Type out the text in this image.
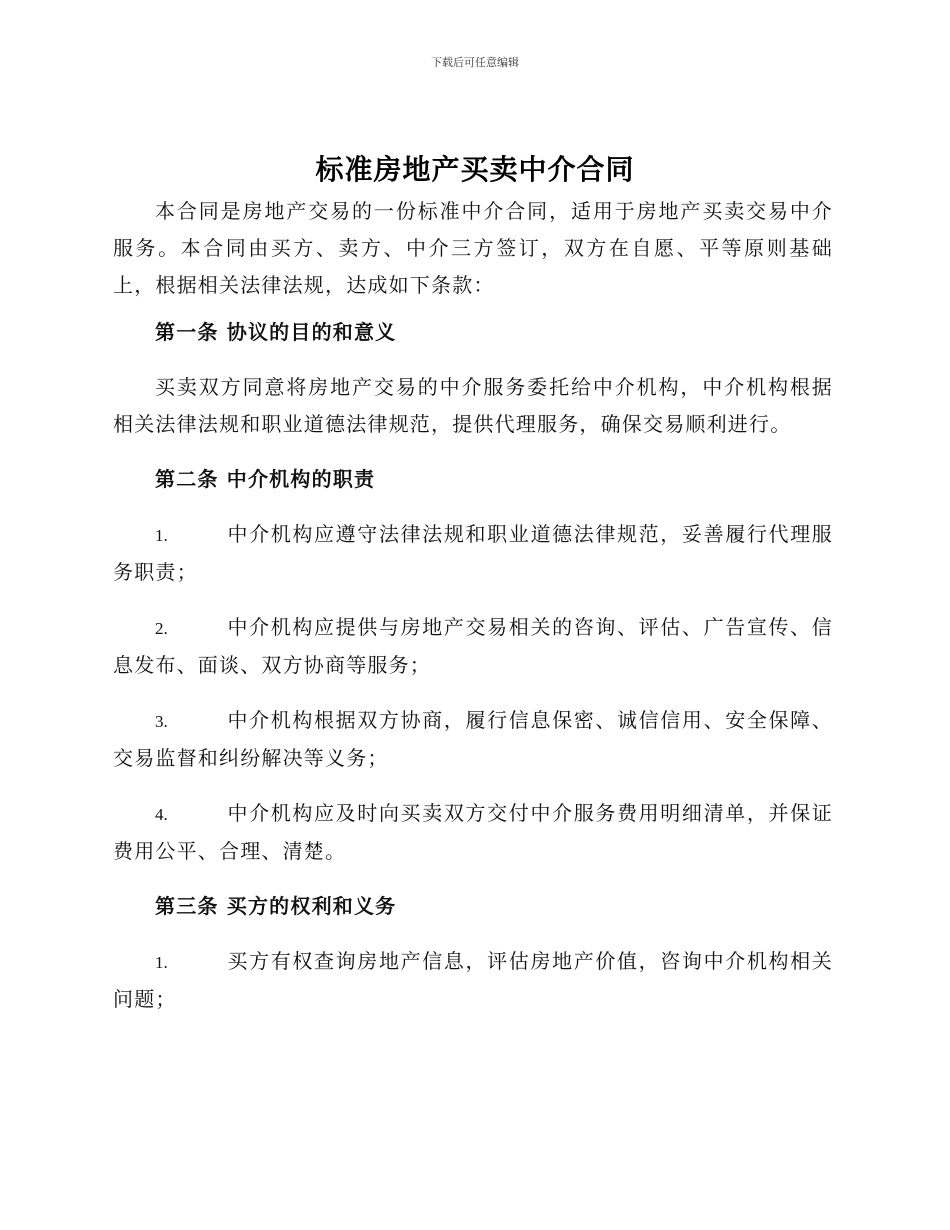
下载后可任意编辑
标准房地产买卖中介合同

本合同是房地产交易的一份标准中介合同，适用于房地产买卖交易中介服务。本合同由买方、卖方、中介三方签订，双方在自愿、平等原则基础上，根据相关法律法规，达成如下条款：

第一条 协议的目的和意义

买卖双方同意将房地产交易的中介服务委托给中介机构，中介机构根据相关法律法规和职业道德法律规范，提供代理服务，确保交易顺利进行。

第二条 中介机构的职责

1.	中介机构应遵守法律法规和职业道德法律规范，妥善履行代理服务职责；

2.	中介机构应提供与房地产交易相关的咨询、评估、广告宣传、信息发布、面谈、双方协商等服务；

3.	中介机构根据双方协商，履行信息保密、诚信信用、安全保障、交易监督和纠纷解决等义务；

4.	中介机构应及时向买卖双方交付中介服务费用明细清单，并保证费用公平、合理、清楚。

第三条 买方的权利和义务

1.	买方有权查询房地产信息，评估房地产价值，咨询中介机构相关问题；
